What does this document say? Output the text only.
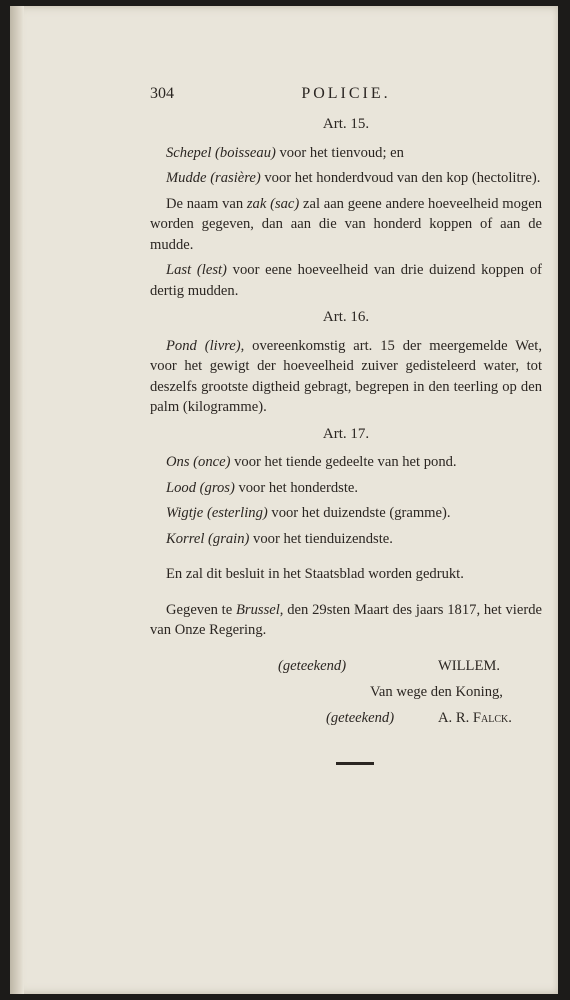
304	POLICIE.
Art. 15.

Schepel (boisseau) voor het tienvoud; en

Mudde (rasière) voor het honderdvoud van den kop (hectolitre).

De naam van zak (sac) zal aan geene andere hoeveelheid mogen worden gegeven, dan aan die van honderd koppen of aan de mudde.

Last (lest) voor eene hoeveelheid van drie duizend koppen of dertig mudden.

Art. 16.

Pond (livre), overeenkomstig art. 15 der meergemelde Wet, voor het gewigt der hoeveelheid zuiver gedisteleerd water, tot deszelfs grootste digtheid gebragt, begrepen in den teerling op den palm (kilogramme).

Art. 17.

Ons (once) voor het tiende gedeelte van het pond.

Lood (gros) voor het honderdste.

Wigtje (esterling) voor het duizendste (gramme).

Korrel (grain) voor het tienduizendste.

En zal dit besluit in het Staatsblad worden gedrukt.

Gegeven te Brussel, den 29sten Maart des jaars 1817, het vierde van Onze Regering.

(geteekend)	WILLEM.
Van wege den Koning,
(geteekend)	A. R. Falck.
